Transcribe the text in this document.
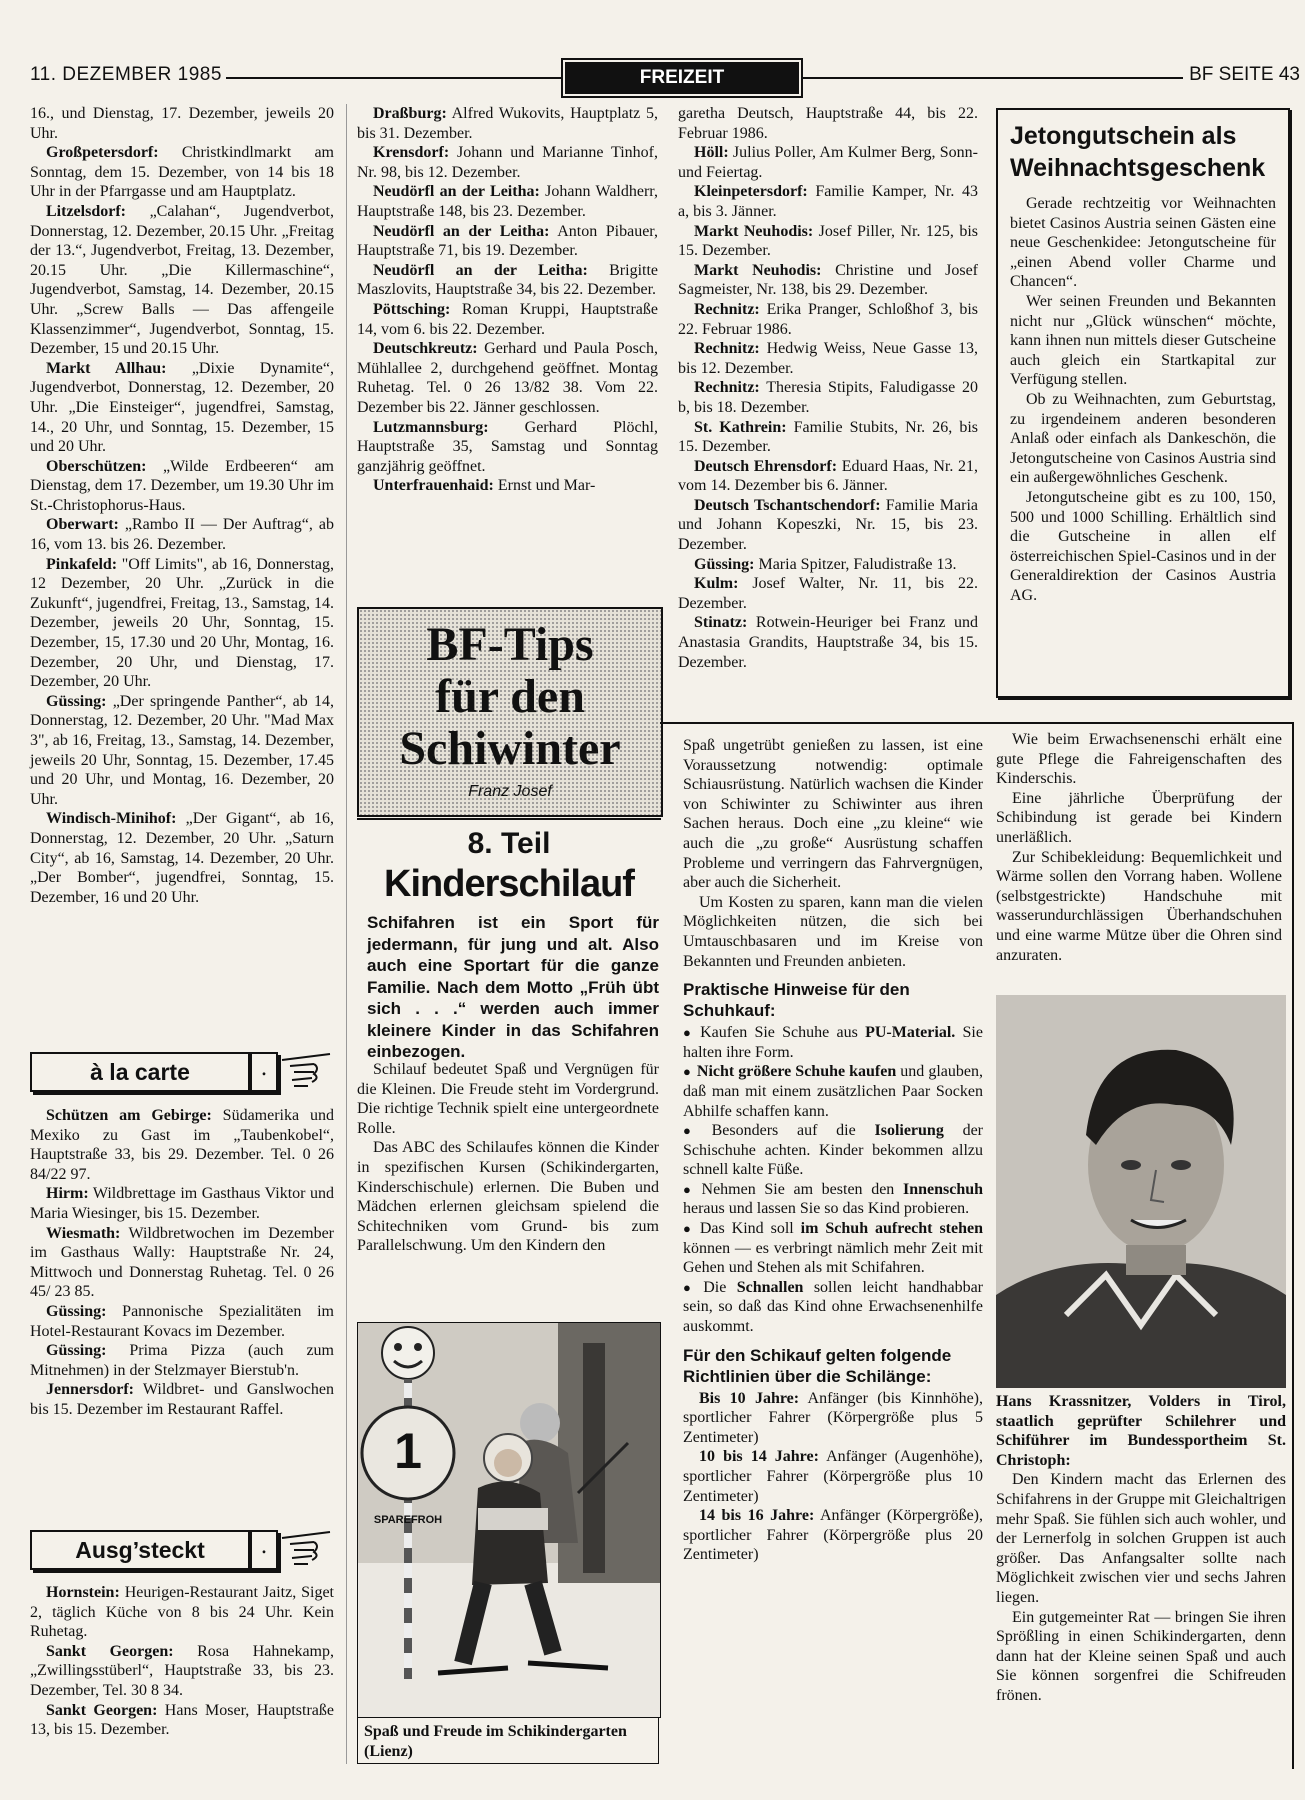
11. DEZEMBER 1985	FREIZEIT	BF SEITE 43

16., und Dienstag, 17. Dezember, jeweils 20 Uhr.

Großpetersdorf: Christkindlmarkt am Sonntag, dem 15. Dezember, von 14 bis 18 Uhr in der Pfarrgasse und am Hauptplatz.

Litzelsdorf: „Calahan“, Jugendverbot, Donnerstag, 12. Dezember, 20.15 Uhr. „Freitag der 13.“, Jugendverbot, Freitag, 13. Dezember, 20.15 Uhr. „Die Killermaschine“, Jugendverbot, Samstag, 14. Dezember, 20.15 Uhr. „Screw Balls — Das affengeile Klassenzimmer“, Jugendverbot, Sonntag, 15. Dezember, 15 und 20.15 Uhr.

Markt Allhau: „Dixie Dynamite“, Jugendverbot, Donnerstag, 12. Dezember, 20 Uhr. „Die Einsteiger“, jugendfrei, Samstag, 14., 20 Uhr, und Sonntag, 15. Dezember, 15 und 20 Uhr.

Oberschützen: „Wilde Erdbeeren“ am Dienstag, dem 17. Dezember, um 19.30 Uhr im St.-Christophorus-Haus.

Oberwart: „Rambo II — Der Auftrag“, ab 16, vom 13. bis 26. Dezember.

Pinkafeld: "Off Limits", ab 16, Donnerstag, 12 Dezember, 20 Uhr. „Zurück in die Zukunft“, jugendfrei, Freitag, 13., Samstag, 14. Dezember, jeweils 20 Uhr, Sonntag, 15. Dezember, 15, 17.30 und 20 Uhr, Montag, 16. Dezember, 20 Uhr, und Dienstag, 17. Dezember, 20 Uhr.

Güssing: „Der springende Panther“, ab 14, Donnerstag, 12. Dezember, 20 Uhr. "Mad Max 3", ab 16, Freitag, 13., Samstag, 14. Dezember, jeweils 20 Uhr, Sonntag, 15. Dezember, 17.45 und 20 Uhr, und Montag, 16. Dezember, 20 Uhr.

Windisch-Minihof: „Der Gigant“, ab 16, Donnerstag, 12. Dezember, 20 Uhr. „Saturn City“, ab 16, Samstag, 14. Dezember, 20 Uhr. „Der Bomber“, jugendfrei, Sonntag, 15. Dezember, 16 und 20 Uhr.

à la carte	.

Schützen am Gebirge: Südamerika und Mexiko zu Gast im „Taubenkobel“, Hauptstraße 33, bis 29. Dezember. Tel. 0 26 84/22 97.

Hirm: Wildbrettage im Gasthaus Viktor und Maria Wiesinger, bis 15. Dezember.

Wiesmath: Wildbretwochen im Dezember im Gasthaus Wally: Hauptstraße Nr. 24, Mittwoch und Donnerstag Ruhetag. Tel. 0 26 45/ 23 85.

Güssing: Pannonische Spezialitäten im Hotel-Restaurant Kovacs im Dezember.

Güssing: Prima Pizza (auch zum Mitnehmen) in der Stelzmayer Bierstub'n.

Jennersdorf: Wildbret- und Ganslwochen bis 15. Dezember im Restaurant Raffel.

Ausg’steckt	.

Hornstein: Heurigen-Restaurant Jaitz, Siget 2, täglich Küche von 8 bis 24 Uhr. Kein Ruhetag.

Sankt Georgen: Rosa Hahnekamp, „Zwillingsstüberl“, Hauptstraße 33, bis 23. Dezember, Tel. 30 8 34.

Sankt Georgen: Hans Moser, Hauptstraße 13, bis 15. Dezember.

Draßburg: Alfred Wukovits, Hauptplatz 5, bis 31. Dezember.

Krensdorf: Johann und Marianne Tinhof, Nr. 98, bis 12. Dezember.

Neudörfl an der Leitha: Johann Waldherr, Hauptstraße 148, bis 23. Dezember.

Neudörfl an der Leitha: Anton Pibauer, Hauptstraße 71, bis 19. Dezember.

Neudörfl an der Leitha: Brigitte Maszlovits, Hauptstraße 34, bis 22. Dezember.

Pöttsching: Roman Kruppi, Hauptstraße 14, vom 6. bis 22. Dezember.

Deutschkreutz: Gerhard und Paula Posch, Mühlallee 2, durchgehend geöffnet. Montag Ruhetag. Tel. 0 26 13/82 38. Vom 22. Dezember bis 22. Jänner geschlossen.

Lutzmannsburg: Gerhard Plöchl, Hauptstraße 35, Samstag und Sonntag ganzjährig geöffnet.

Unterfrauenhaid: Ernst und Mar-

garetha Deutsch, Hauptstraße 44, bis 22. Februar 1986.

Höll: Julius Poller, Am Kulmer Berg, Sonn- und Feiertag.

Kleinpetersdorf: Familie Kamper, Nr. 43 a, bis 3. Jänner.

Markt Neuhodis: Josef Piller, Nr. 125, bis 15. Dezember.

Markt Neuhodis: Christine und Josef Sagmeister, Nr. 138, bis 29. Dezember.

Rechnitz: Erika Pranger, Schloßhof 3, bis 22. Februar 1986.

Rechnitz: Hedwig Weiss, Neue Gasse 13, bis 12. Dezember.

Rechnitz: Theresia Stipits, Faludigasse 20 b, bis 18. Dezember.

St. Kathrein: Familie Stubits, Nr. 26, bis 15. Dezember.

Deutsch Ehrensdorf: Eduard Haas, Nr. 21, vom 14. Dezember bis 6. Jänner.

Deutsch Tschantschendorf: Familie Maria und Johann Kopeszki, Nr. 15, bis 23. Dezember.

Güssing: Maria Spitzer, Faludistraße 13.

Kulm: Josef Walter, Nr. 11, bis 22. Dezember.

Stinatz: Rotwein-Heuriger bei Franz und Anastasia Grandits, Hauptstraße 34, bis 15. Dezember.

Jetongutschein als Weihnachtsgeschenk

Gerade rechtzeitig vor Weihnachten bietet Casinos Austria seinen Gästen eine neue Geschenkidee: Jetongutscheine für „einen Abend voller Charme und Chancen“.

Wer seinen Freunden und Bekannten nicht nur „Glück wünschen“ möchte, kann ihnen nun mittels dieser Gutscheine auch gleich ein Startkapital zur Verfügung stellen.

Ob zu Weihnachten, zum Geburtstag, zu irgendeinem anderen besonderen Anlaß oder einfach als Dankeschön, die Jetongutscheine von Casinos Austria sind ein außergewöhnliches Geschenk.

Jetongutscheine gibt es zu 100, 150, 500 und 1000 Schilling. Erhältlich sind die Gutscheine in allen elf österreichischen Spiel-Casinos und in der Generaldirektion der Casinos Austria AG.

BF-Tips
für den
Schiwinter
Franz Josef
8. Teil
Kinderschilauf
Schifahren ist ein Sport für jedermann, für jung und alt. Also auch eine Sportart für die ganze Familie. Nach dem Motto „Früh übt sich . . .“ werden auch immer kleinere Kinder in das Schifahren einbezogen.

Schilauf bedeutet Spaß und Vergnügen für die Kleinen. Die Freude steht im Vordergrund. Die richtige Technik spielt eine untergeordnete Rolle.

Das ABC des Schilaufes können die Kinder in spezifischen Kursen (Schikindergarten, Kinderschischule) erlernen. Die Buben und Mädchen erlernen gleichsam spielend die Schitechniken vom Grund- bis zum Parallelschwung. Um den Kindern den

1
SPAREFROH
Spaß und Freude im Schikindergarten (Lienz)

Spaß ungetrübt genießen zu lassen, ist eine Voraussetzung notwendig: optimale Schiausrüstung. Natürlich wachsen die Kinder von Schiwinter zu Schiwinter aus ihren Sachen heraus. Doch eine „zu kleine“ wie auch die „zu große“ Ausrüstung schaffen Probleme und verringern das Fahrvergnügen, aber auch die Sicherheit.

Um Kosten zu sparen, kann man die vielen Möglichkeiten nützen, die sich bei Umtauschbasaren und im Kreise von Bekannten und Freunden anbieten.

Praktische Hinweise für den Schuhkauf:

● Kaufen Sie Schuhe aus PU-Material. Sie halten ihre Form.

● Nicht größere Schuhe kaufen und glauben, daß man mit einem zusätzlichen Paar Socken Abhilfe schaffen kann.

● Besonders auf die Isolierung der Schischuhe achten. Kinder bekommen allzu schnell kalte Füße.

● Nehmen Sie am besten den Innenschuh heraus und lassen Sie so das Kind probieren.

● Das Kind soll im Schuh aufrecht stehen können — es verbringt nämlich mehr Zeit mit Gehen und Stehen als mit Schifahren.

● Die Schnallen sollen leicht handhabbar sein, so daß das Kind ohne Erwachsenenhilfe auskommt.

Für den Schikauf gelten folgende Richtlinien über die Schilänge:

Bis 10 Jahre: Anfänger (bis Kinnhöhe), sportlicher Fahrer (Körpergröße plus 5 Zentimeter)

10 bis 14 Jahre: Anfänger (Augenhöhe), sportlicher Fahrer (Körpergröße plus 10 Zentimeter)

14 bis 16 Jahre: Anfänger (Körpergröße), sportlicher Fahrer (Körpergröße plus 20 Zentimeter)

Wie beim Erwachsenenschi erhält eine gute Pflege die Fahreigenschaften des Kinderschis.

Eine jährliche Überprüfung der Schibindung ist gerade bei Kindern unerläßlich.

Zur Schibekleidung: Bequemlichkeit und Wärme sollen den Vorrang haben. Wollene (selbstgestrickte) Handschuhe mit wasserundurchlässigen Überhandschuhen und eine warme Mütze über die Ohren sind anzuraten.

Hans Krassnitzer, Volders in Tirol, staatlich geprüfter Schilehrer und Schiführer im Bundessportheim St. Christoph:

Den Kindern macht das Erlernen des Schifahrens in der Gruppe mit Gleichaltrigen mehr Spaß. Sie fühlen sich auch wohler, und der Lernerfolg in solchen Gruppen ist auch größer. Das Anfangsalter sollte nach Möglichkeit zwischen vier und sechs Jahren liegen.

Ein gutgemeinter Rat — bringen Sie ihren Sprößling in einen Schikindergarten, denn dann hat der Kleine seinen Spaß und auch Sie können sorgenfrei die Schifreuden frönen.
